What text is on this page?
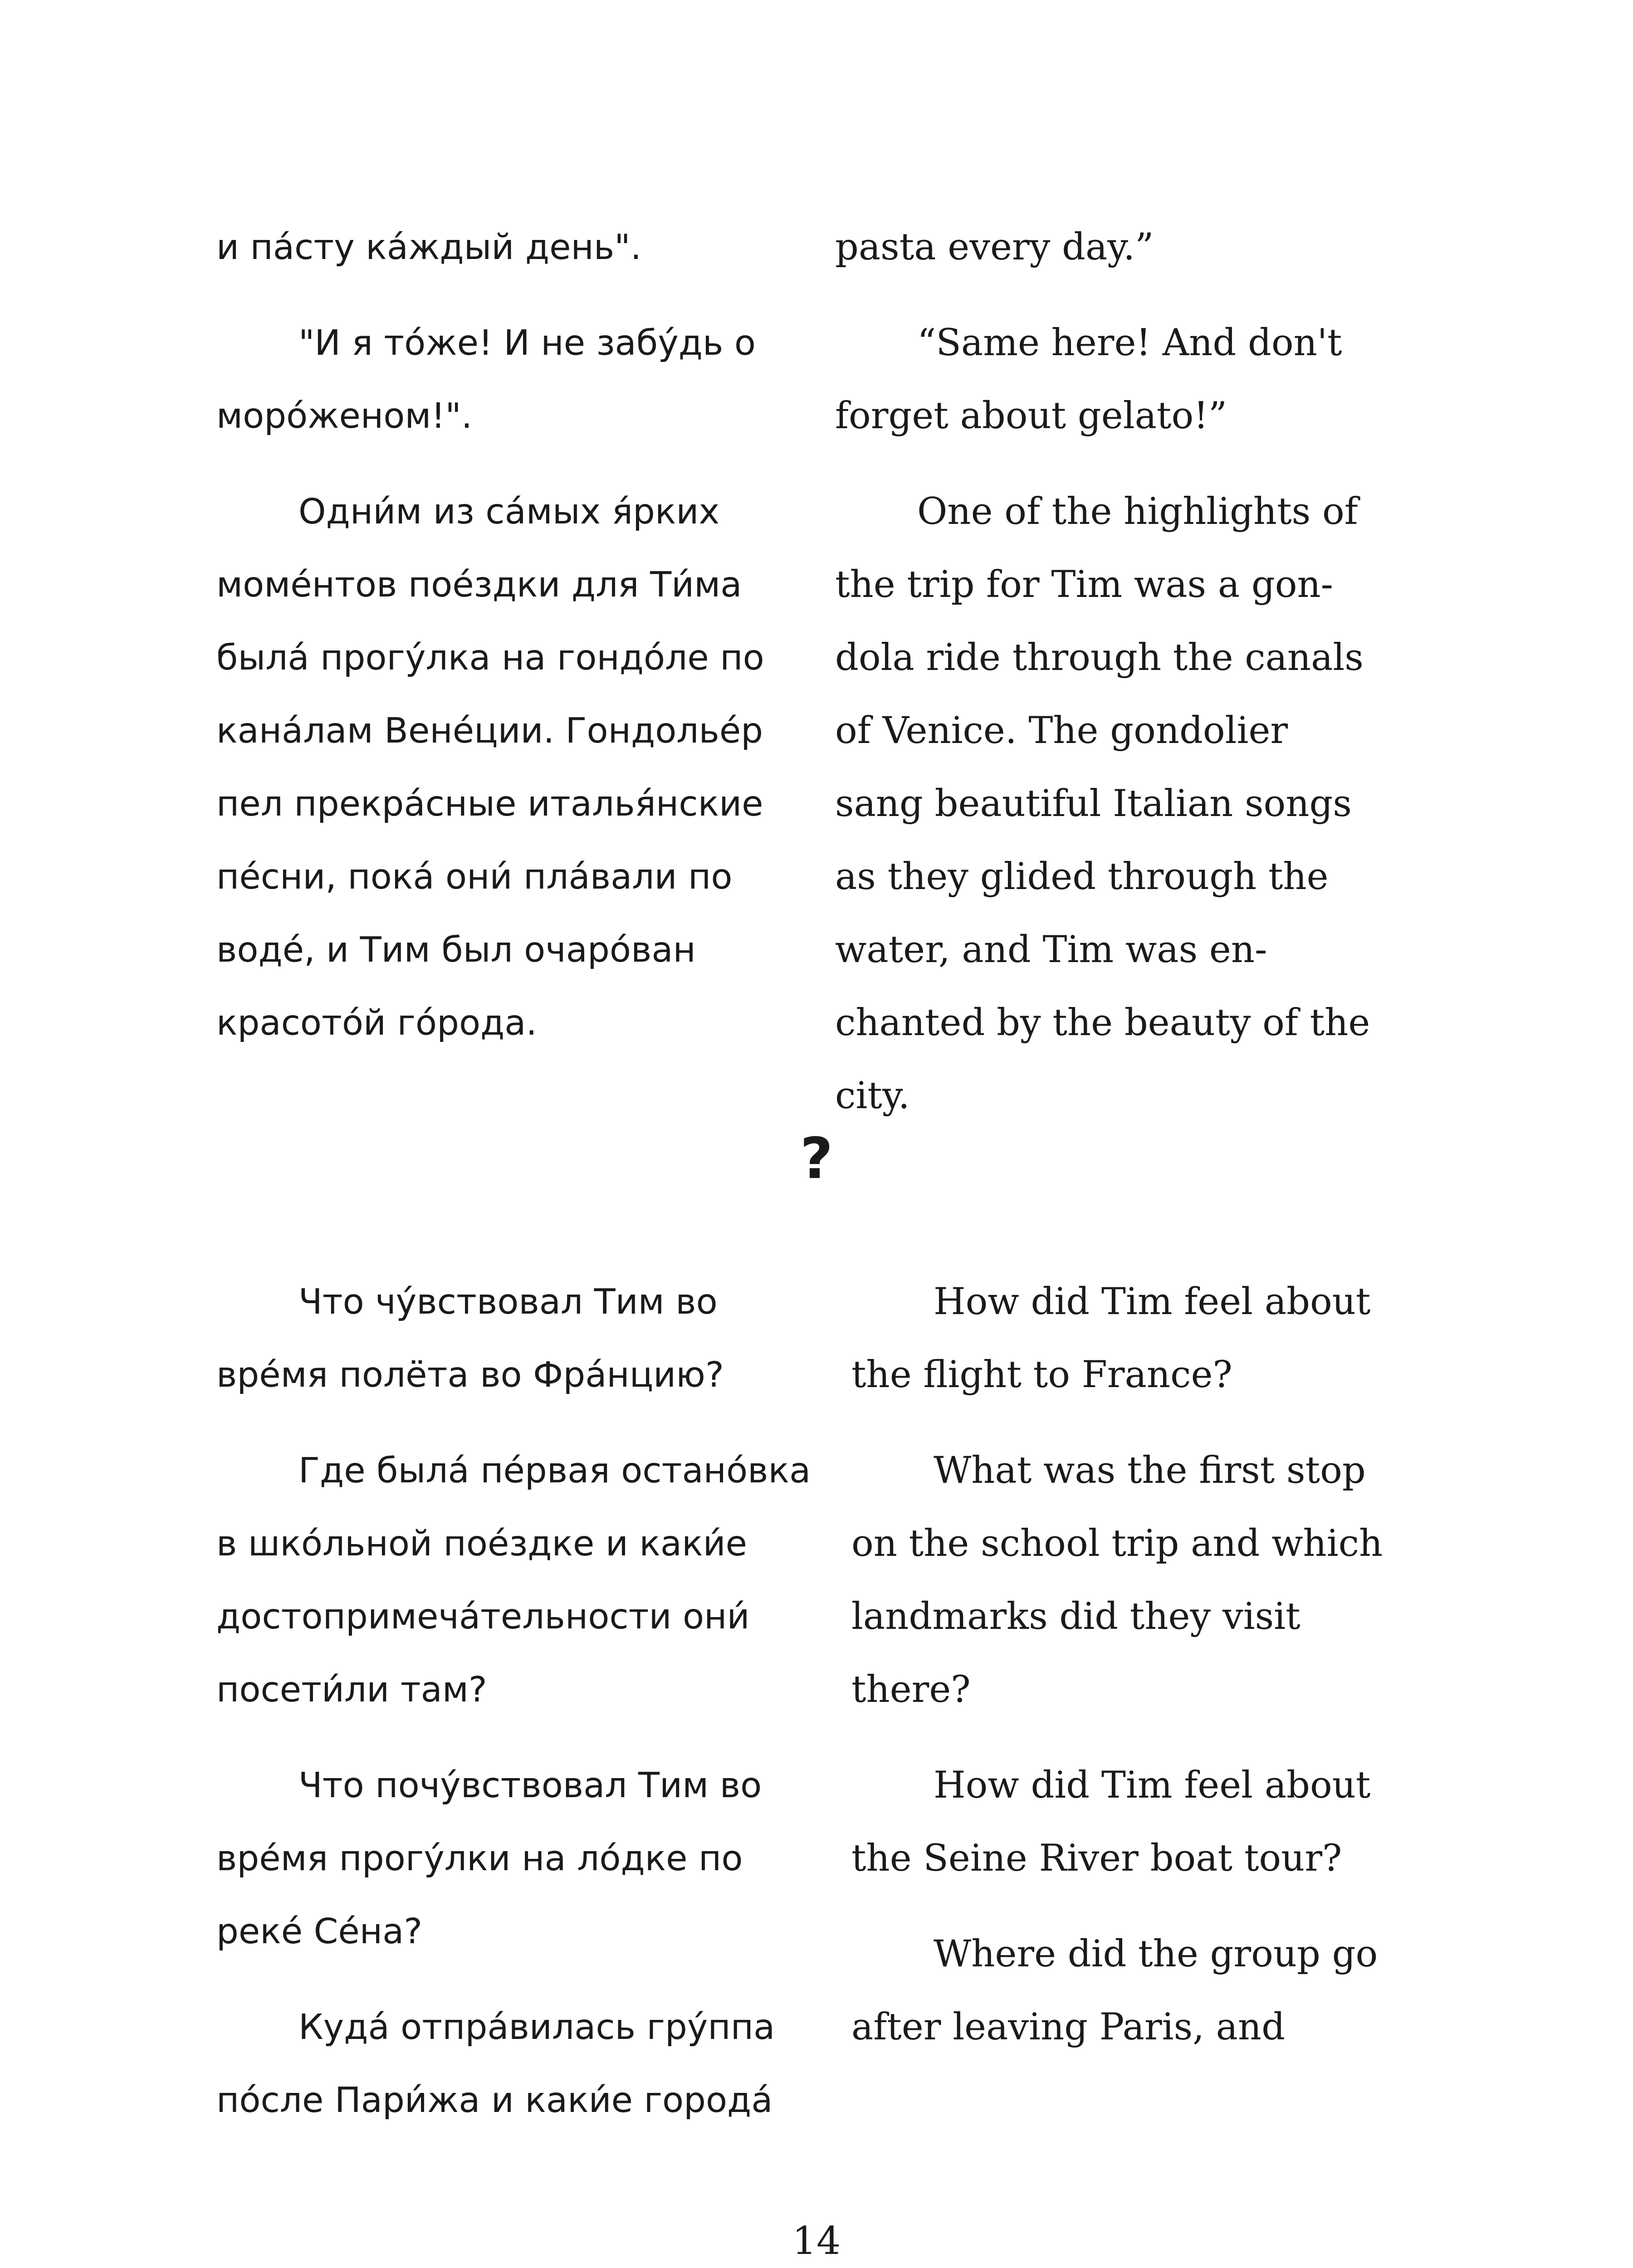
и па́сту ка́ждый день".

"И я то́же! И не забу́дь о моро́женом!".

Одни́м из са́мых я́рких моме́нтов пое́здки для Ти́ма была́ прогу́лка на гондо́ле по кана́лам Вене́ции. Гондолье́р пел прекра́сные италья́нские пе́сни, пока́ они́ пла́вали по воде́, и Тим был очаро́ван красото́й го́рода.

pasta every day.”

“Same here! And don't forget about gelato!”

One of the highlights of the trip for Tim was a gondola ride through the canals of Venice. The gondolier sang beautiful Italian songs as they glided through the water, and Tim was enchanted by the beauty of the city.

?

Что чу́вствовал Тим во вре́мя полёта во Фра́нцию?

Где была́ пе́рвая остано́вка в шко́льной пое́здке и каки́е достопримеча́тельности они́ посети́ли там?

Что почу́вствовал Тим во вре́мя прогу́лки на ло́дке по реке́ Се́на?

Куда́ отпра́вилась гру́ппа по́сле Пари́жа и каки́е города́

How did Tim feel about the flight to France?

What was the first stop on the school trip and which landmarks did they visit there?

How did Tim feel about the Seine River boat tour?

Where did the group go after leaving Paris, and

14
